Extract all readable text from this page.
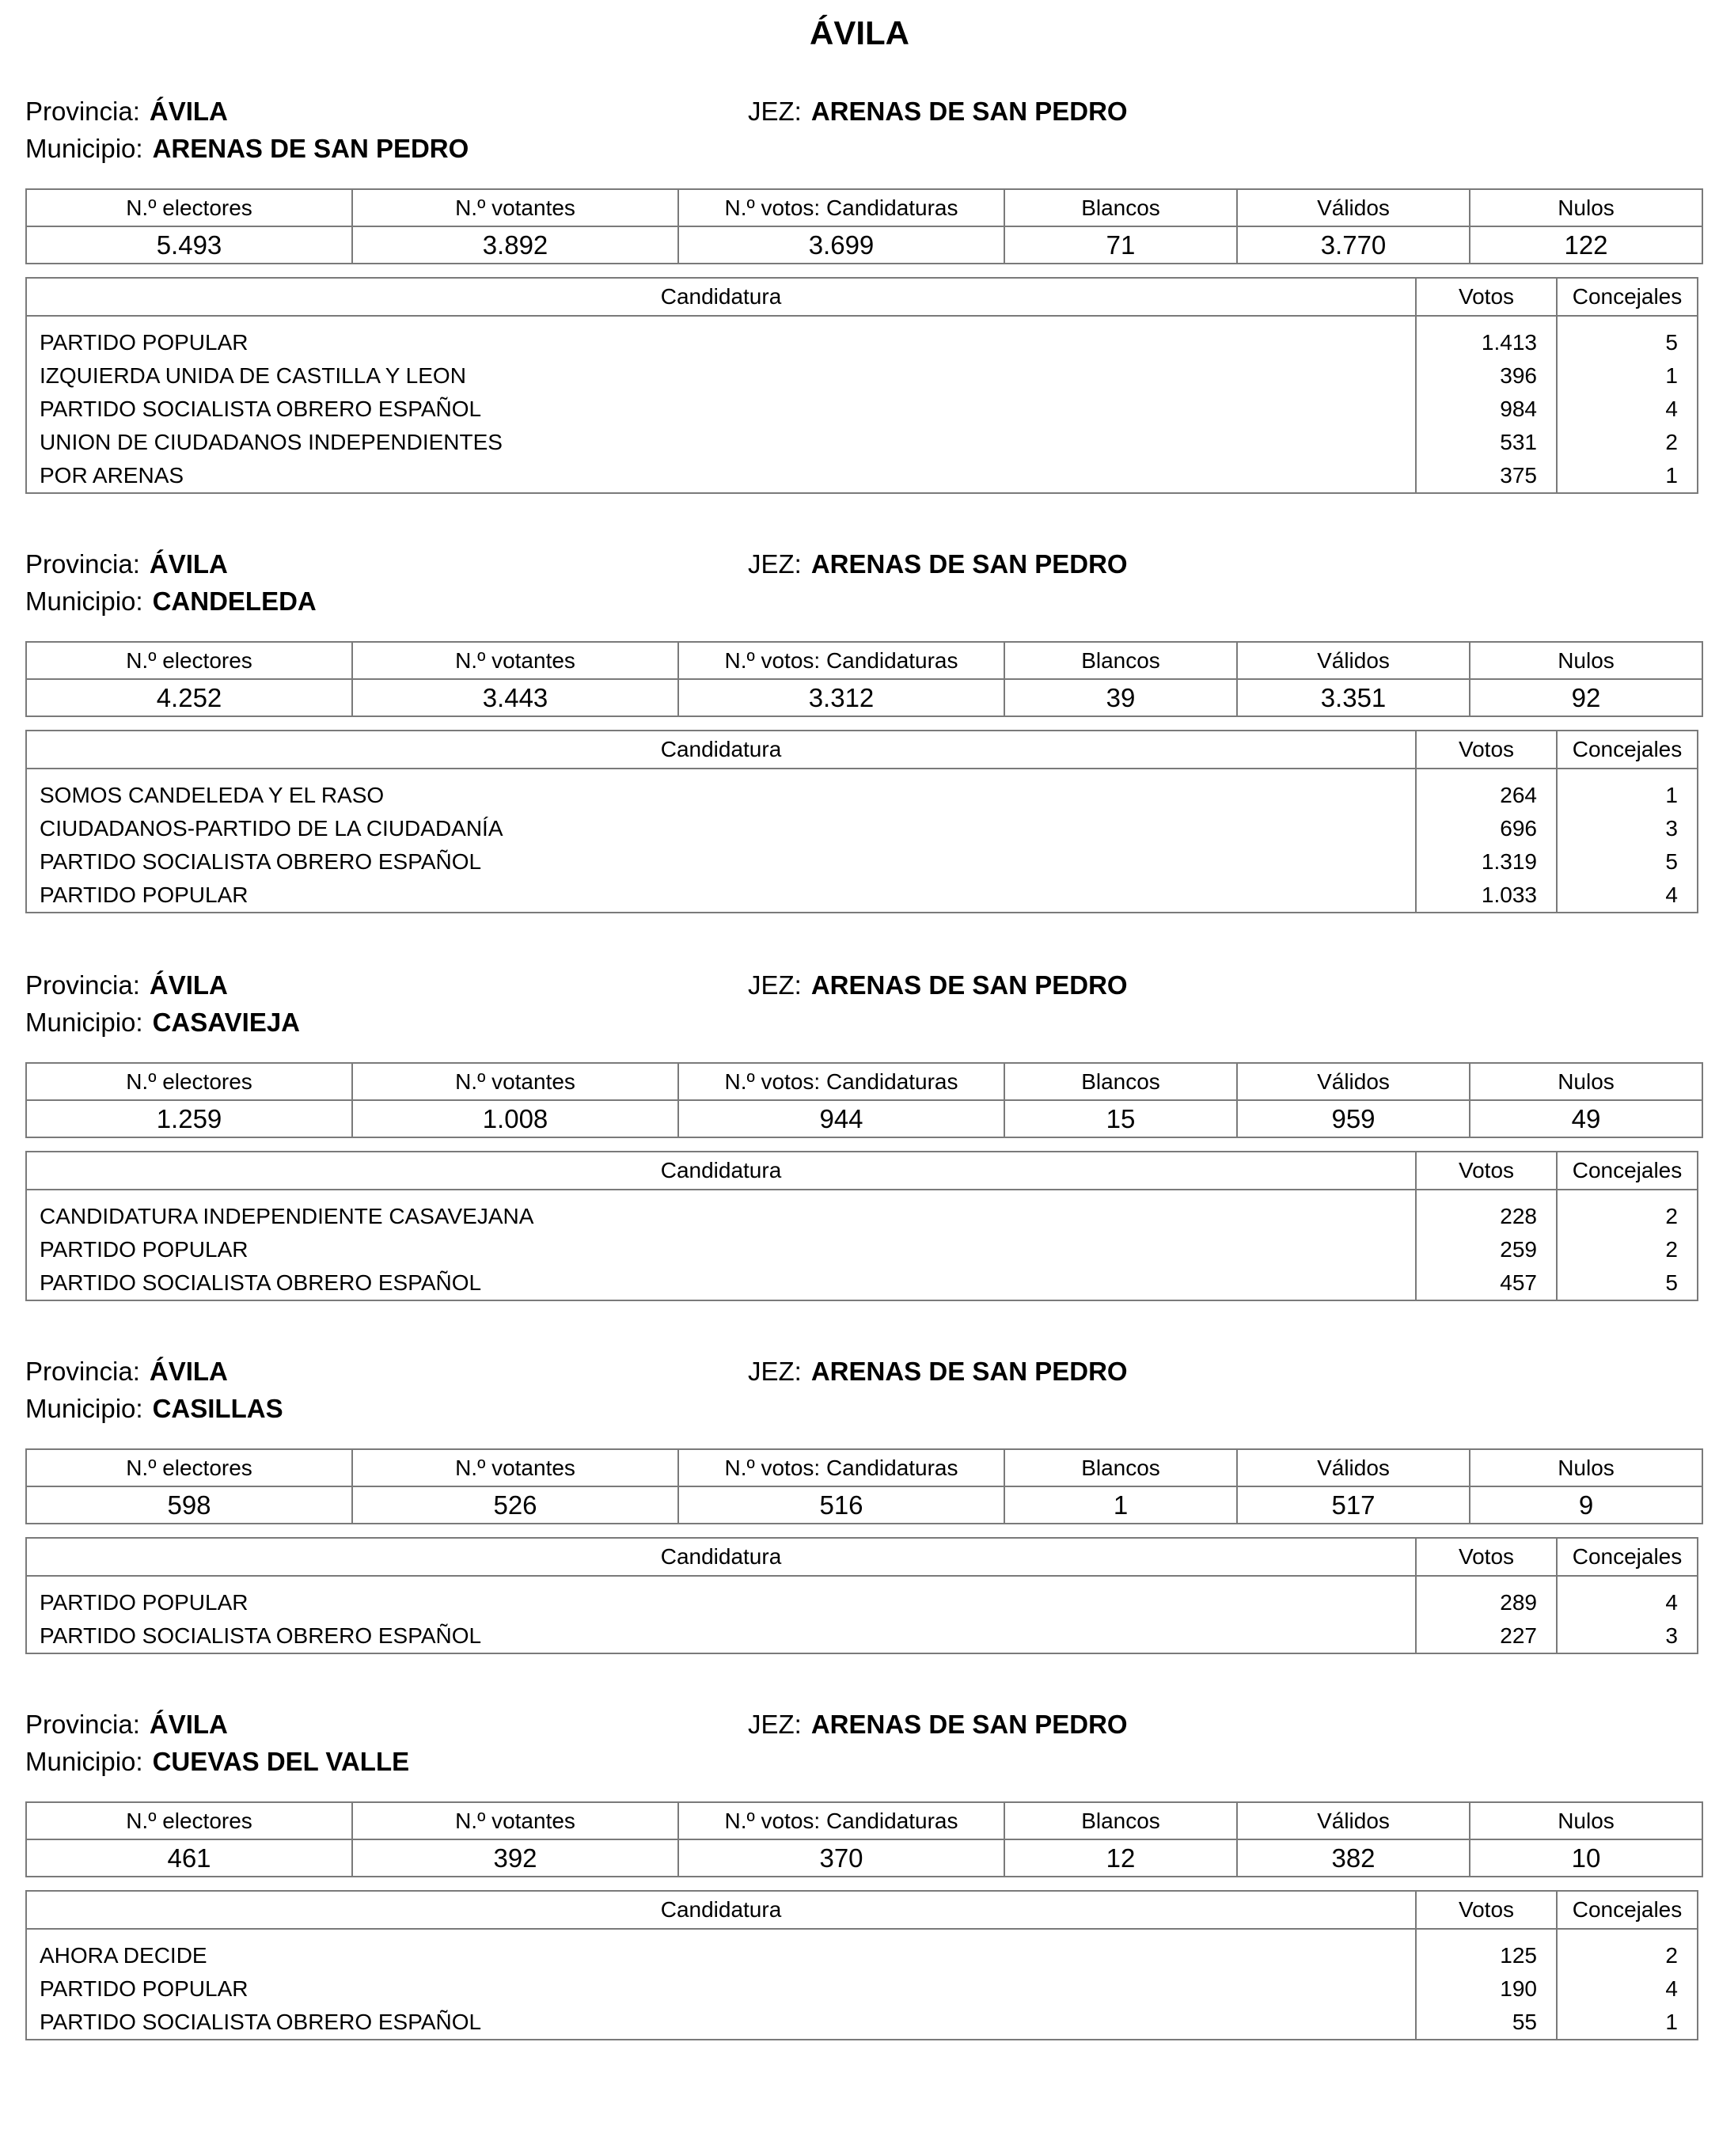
ÁVILA
Provincia: ÁVILA	JEZ: ARENAS DE SAN PEDRO
Municipio: ARENAS DE SAN PEDRO
N.º electores	N.º votantes	N.º votos: Candidaturas	Blancos	Válidos	Nulos
5.493	3.892	3.699	71	3.770	122
Candidatura	Votos	Concejales
PARTIDO POPULAR	1.413	5
IZQUIERDA UNIDA DE CASTILLA Y LEON	396	1
PARTIDO SOCIALISTA OBRERO ESPAÑOL	984	4
UNION DE CIUDADANOS INDEPENDIENTES	531	2
POR ARENAS	375	1
Provincia: ÁVILA	JEZ: ARENAS DE SAN PEDRO
Municipio: CANDELEDA
N.º electores	N.º votantes	N.º votos: Candidaturas	Blancos	Válidos	Nulos
4.252	3.443	3.312	39	3.351	92
Candidatura	Votos	Concejales
SOMOS CANDELEDA Y EL RASO	264	1
CIUDADANOS-PARTIDO DE LA CIUDADANÍA	696	3
PARTIDO SOCIALISTA OBRERO ESPAÑOL	1.319	5
PARTIDO POPULAR	1.033	4
Provincia: ÁVILA	JEZ: ARENAS DE SAN PEDRO
Municipio: CASAVIEJA
N.º electores	N.º votantes	N.º votos: Candidaturas	Blancos	Válidos	Nulos
1.259	1.008	944	15	959	49
Candidatura	Votos	Concejales
CANDIDATURA INDEPENDIENTE CASAVEJANA	228	2
PARTIDO POPULAR	259	2
PARTIDO SOCIALISTA OBRERO ESPAÑOL	457	5
Provincia: ÁVILA	JEZ: ARENAS DE SAN PEDRO
Municipio: CASILLAS
N.º electores	N.º votantes	N.º votos: Candidaturas	Blancos	Válidos	Nulos
598	526	516	1	517	9
Candidatura	Votos	Concejales
PARTIDO POPULAR	289	4
PARTIDO SOCIALISTA OBRERO ESPAÑOL	227	3
Provincia: ÁVILA	JEZ: ARENAS DE SAN PEDRO
Municipio: CUEVAS DEL VALLE
N.º electores	N.º votantes	N.º votos: Candidaturas	Blancos	Válidos	Nulos
461	392	370	12	382	10
Candidatura	Votos	Concejales
AHORA DECIDE	125	2
PARTIDO POPULAR	190	4
PARTIDO SOCIALISTA OBRERO ESPAÑOL	55	1
